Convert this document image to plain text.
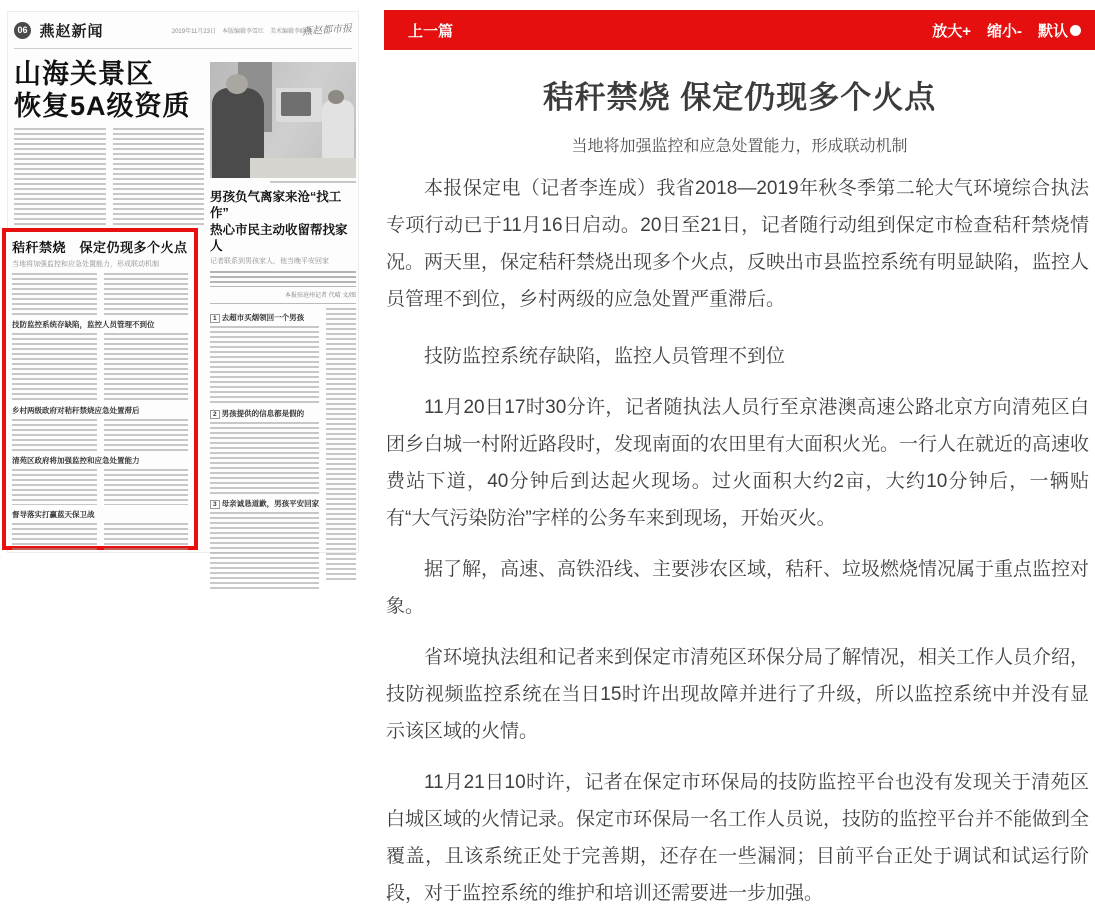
06 燕赵新闻	2019年11月23日　本版编辑李雪红　美术编辑李晓冬
燕赵都市报
山海关景区
恢复5A级资质
男孩负气离家来沧“找工作”
热心市民主动收留帮找家人
记者联系到男孩家人，他当晚平安回家
本报驻沧州记者 代晴 文/图
1 去超市买烟领回一个男孩
2 男孩提供的信息都是假的
3 母亲诚恳道歉，男孩平安回家
秸秆禁烧　保定仍现多个火点
当地将加强监控和应急处置能力，形成联动机制
技防监控系统存缺陷，监控人员管理不到位
乡村两级政府对秸秆禁烧应急处置滞后
清苑区政府将加强监控和应急处置能力
督导落实打赢蓝天保卫战
上一篇	放大+ 缩小- 默认
秸秆禁烧 保定仍现多个火点
当地将加强监控和应急处置能力，形成联动机制

本报保定电（记者李连成）我省2018—2019年秋冬季第二轮大气环境综合执法专项行动已于11月16日启动。20日至21日，记者随行动组到保定市检查秸秆禁烧情况。两天里，保定秸秆禁烧出现多个火点，反映出市县监控系统有明显缺陷，监控人员管理不到位，乡村两级的应急处置严重滞后。

技防监控系统存缺陷，监控人员管理不到位

11月20日17时30分许，记者随执法人员行至京港澳高速公路北京方向清苑区白团乡白城一村附近路段时，发现南面的农田里有大面积火光。一行人在就近的高速收费站下道，40分钟后到达起火现场。过火面积大约2亩，大约10分钟后，一辆贴有“大气污染防治”字样的公务车来到现场，开始灭火。

据了解，高速、高铁沿线、主要涉农区域，秸秆、垃圾燃烧情况属于重点监控对象。

省环境执法组和记者来到保定市清苑区环保分局了解情况，相关工作人员介绍，技防视频监控系统在当日15时许出现故障并进行了升级，所以监控系统中并没有显示该区域的火情。

11月21日10时许，记者在保定市环保局的技防监控平台也没有发现关于清苑区白城区域的火情记录。保定市环保局一名工作人员说，技防的监控平台并不能做到全覆盖，且该系统正处于完善期，还存在一些漏洞；目前平台正处于调试和试运行阶段，对于监控系统的维护和培训还需要进一步加强。
